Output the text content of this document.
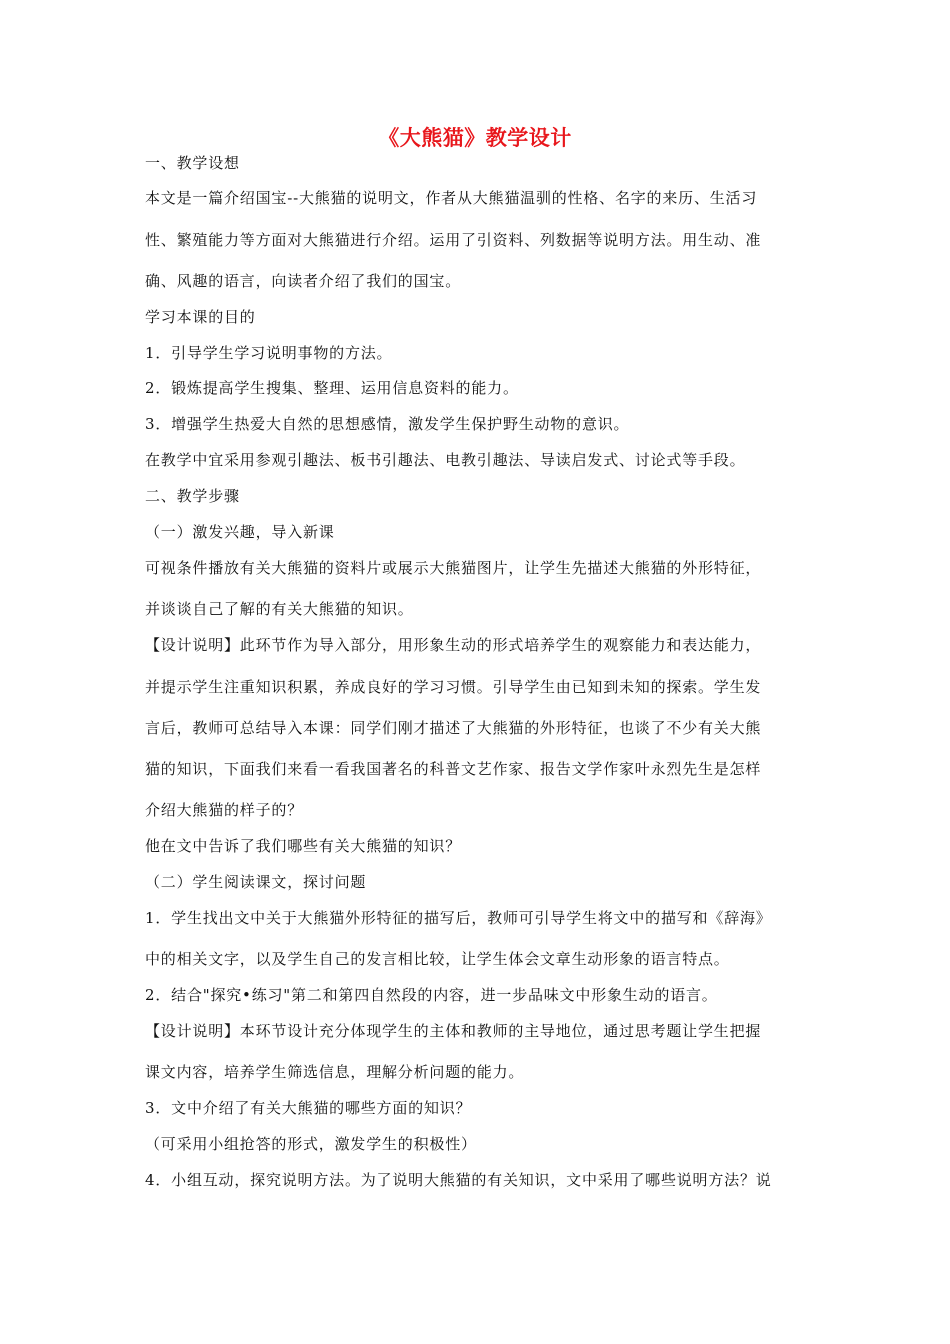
《大熊猫》教学设计
一、教学设想
本文是一篇介绍国宝--大熊猫的说明文，作者从大熊猫温驯的性格、名字的来历、生活习
性、繁殖能力等方面对大熊猫进行介绍。运用了引资料、列数据等说明方法。用生动、准
确、风趣的语言，向读者介绍了我们的国宝。
学习本课的目的
1．引导学生学习说明事物的方法。
2．锻炼提高学生搜集、整理、运用信息资料的能力。
3．增强学生热爱大自然的思想感情，激发学生保护野生动物的意识。
在教学中宜采用参观引趣法、板书引趣法、电教引趣法、导读启发式、讨论式等手段。
二、教学步骤
（一）激发兴趣，导入新课
可视条件播放有关大熊猫的资料片或展示大熊猫图片，让学生先描述大熊猫的外形特征，
并谈谈自己了解的有关大熊猫的知识。
【设计说明】此环节作为导入部分，用形象生动的形式培养学生的观察能力和表达能力，
并提示学生注重知识积累，养成良好的学习习惯。引导学生由已知到未知的探索。学生发
言后，教师可总结导入本课：同学们刚才描述了大熊猫的外形特征，也谈了不少有关大熊
猫的知识，下面我们来看一看我国著名的科普文艺作家、报告文学作家叶永烈先生是怎样
介绍大熊猫的样子的？
他在文中告诉了我们哪些有关大熊猫的知识？
（二）学生阅读课文，探讨问题
1．学生找出文中关于大熊猫外形特征的描写后，教师可引导学生将文中的描写和《辞海》
中的相关文字，以及学生自己的发言相比较，让学生体会文章生动形象的语言特点。
2．结合"探究•练习"第二和第四自然段的内容，进一步品味文中形象生动的语言。
【设计说明】本环节设计充分体现学生的主体和教师的主导地位，通过思考题让学生把握
课文内容，培养学生筛选信息，理解分析问题的能力。
3．文中介绍了有关大熊猫的哪些方面的知识？
（可采用小组抢答的形式，激发学生的积极性）
4．小组互动，探究说明方法。为了说明大熊猫的有关知识，文中采用了哪些说明方法？说
